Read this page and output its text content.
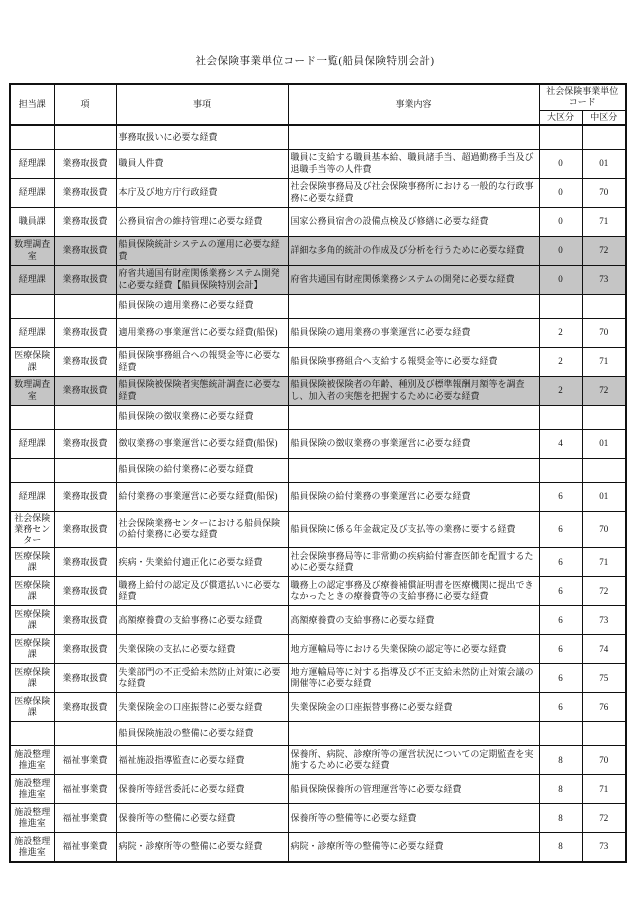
社会保険事業単位コード一覧(船員保険特別会計)
担当課	項	事項	事業内容	社会保険事業単位コード	
				大区分	中区分
		事務取扱いに必要な経費			
経理課	業務取扱費	職員人件費	職員に支給する職員基本給、職員諸手当、超過勤務手当及び退職手当等の人件費	0	01
経理課	業務取扱費	本庁及び地方庁行政経費	社会保険事務局及び社会保険事務所における一般的な行政事務に必要な経費	0	70
職員課	業務取扱費	公務員宿舎の維持管理に必要な経費	国家公務員宿舎の設備点検及び修繕に必要な経費	0	71
数理調査室	業務取扱費	船員保険統計システムの運用に必要な経費	詳細な多角的統計の作成及び分析を行うために必要な経費	0	72
経理課	業務取扱費	府省共通国有財産関係業務システム開発に必要な経費【船員保険特別会計】	府省共通国有財産関係業務システムの開発に必要な経費	0	73
		船員保険の適用業務に必要な経費			
経理課	業務取扱費	適用業務の事業運営に必要な経費(船保)	船員保険の適用業務の事業運営に必要な経費	2	70
医療保険課	業務取扱費	船員保険事務組合への報奨金等に必要な経費	船員保険事務組合へ支給する報奨金等に必要な経費	2	71
数理調査室	業務取扱費	船員保険被保険者実態統計調査に必要な経費	船員保険被保険者の年齢、種別及び標準報酬月額等を調査し、加入者の実態を把握するために必要な経費	2	72
		船員保険の徴収業務に必要な経費			
経理課	業務取扱費	徴収業務の事業運営に必要な経費(船保)	船員保険の徴収業務の事業運営に必要な経費	4	01
		船員保険の給付業務に必要な経費			
経理課	業務取扱費	給付業務の事業運営に必要な経費(船保)	船員保険の給付業務の事業運営に必要な経費	6	01
社会保険業務センター	業務取扱費	社会保険業務センターにおける船員保険の給付業務に必要な経費	船員保険に係る年金裁定及び支払等の業務に要する経費	6	70
医療保険課	業務取扱費	疾病・失業給付適正化に必要な経費	社会保険事務局等に非常勤の疾病給付審査医師を配置するために必要な経費	6	71
医療保険課	業務取扱費	職務上給付の認定及び償還払いに必要な経費	職務上の認定事務及び療養補償証明書を医療機関に提出できなかったときの療養費等の支給事務に必要な経費	6	72
医療保険課	業務取扱費	高額療養費の支給事務に必要な経費	高額療養費の支給事務に必要な経費	6	73
医療保険課	業務取扱費	失業保険の支払に必要な経費	地方運輸局等における失業保険の認定等に必要な経費	6	74
医療保険課	業務取扱費	失業部門の不正受給未然防止対策に必要な経費	地方運輸局等に対する指導及び不正支給未然防止対策会議の開催等に必要な経費	6	75
医療保険課	業務取扱費	失業保険金の口座振替に必要な経費	失業保険金の口座振替事務に必要な経費	6	76
		船員保険施設の整備に必要な経費			
施設整理推進室	福祉事業費	福祉施設指導監査に必要な経費	保養所、病院、診療所等の運営状況についての定期監査を実施するために必要な経費	8	70
施設整理推進室	福祉事業費	保養所等経営委託に必要な経費	船員保険保養所の管理運営等に必要な経費	8	71
施設整理推進室	福祉事業費	保養所等の整備に必要な経費	保養所等の整備等に必要な経費	8	72
施設整理推進室	福祉事業費	病院・診療所等の整備に必要な経費	病院・診療所等の整備等に必要な経費	8	73
